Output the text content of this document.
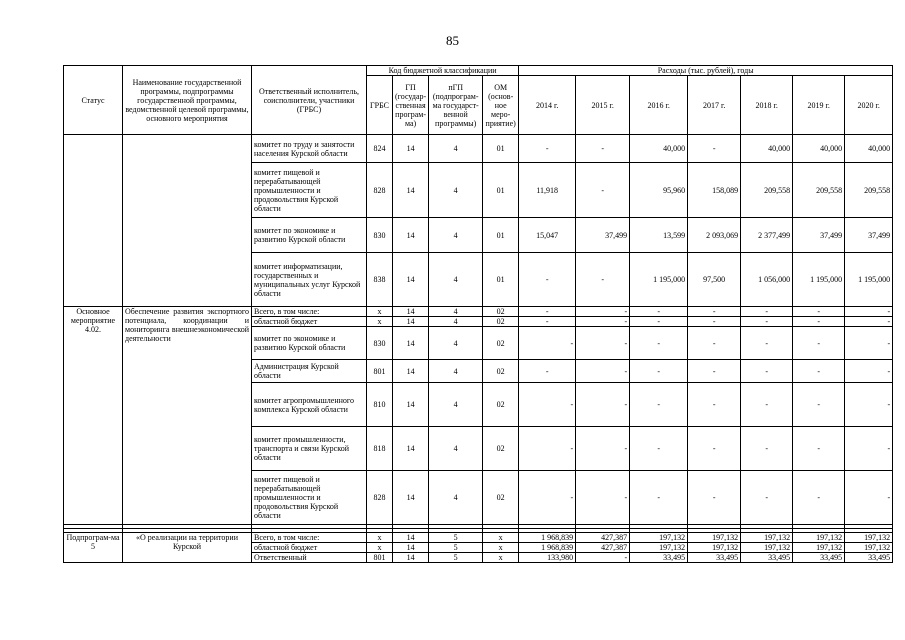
85
Статус	Наименование государственной программы, подпрограммы государственной программы, ведомственной целевой программы, основного мероприятия	Ответственный исполнитель, соисполнители, участники (ГРБС)	Код бюджетной классификации				Расходы (тыс. рублей), годы						
			ГРБС	ГП (государ-ственная програм-ма)	пГП (подпрограм-ма государст-венной программы)	ОМ (основ-ное меро-приятие)	2014 г.	2015 г.	2016 г.	2017 г.	2018 г.	2019 г.	2020 г.
		комитет по труду и занятости населения Курской области	824	14	4	01	-	-	40,000	-	40,000	40,000	40,000
		комитет пищевой и перерабатывающей промышленности и продовольствия Курской области	828	14	4	01	11,918	-	95,960	158,089	209,558	209,558	209,558
		комитет по экономике и развитию Курской области	830	14	4	01	15,047	37,499	13,599	2 093,069	2 377,499	37,499	37,499
		комитет информатизации, государственных и муниципальных услуг Курской области	838	14	4	01	-	-	1 195,000	97,500	1 056,000	1 195,000	1 195,000
Основное мероприятие 4.02.	Обеспечение развития экспортного потенциала, координации и мониторинга внешнеэкономической деятельности	Всего, в том числе:	x	14	4	02	-	-	-	-	-	-	-
		областной бюджет	x	14	4	02	-	-	-	-	-	-	-
		комитет по экономике и развитию Курской области	830	14	4	02	-	-	-	-	-	-	-
		Администрация Курской области	801	14	4	02	-	-	-	-	-	-	-
		комитет агропромышленного комплекса Курской области	810	14	4	02	-	-	-	-	-	-	-
		комитет промышленности, транспорта и связи Курской области	818	14	4	02	-	-	-	-	-	-	-
		комитет пищевой и перерабатывающей промышленности и продовольствия Курской области	828	14	4	02	-	-	-	-	-	-	-

Подпрограм-ма 5	«О реализации на территории Курской	Всего, в том числе:	x	14	5	x	1 968,839	427,387	197,132	197,132	197,132	197,132	197,132
		областной бюджет	x	14	5	x	1 968,839	427,387	197,132	197,132	197,132	197,132	197,132
		Ответственный	801	14	5	x	133,980	-	33,495	33,495	33,495	33,495	33,495
